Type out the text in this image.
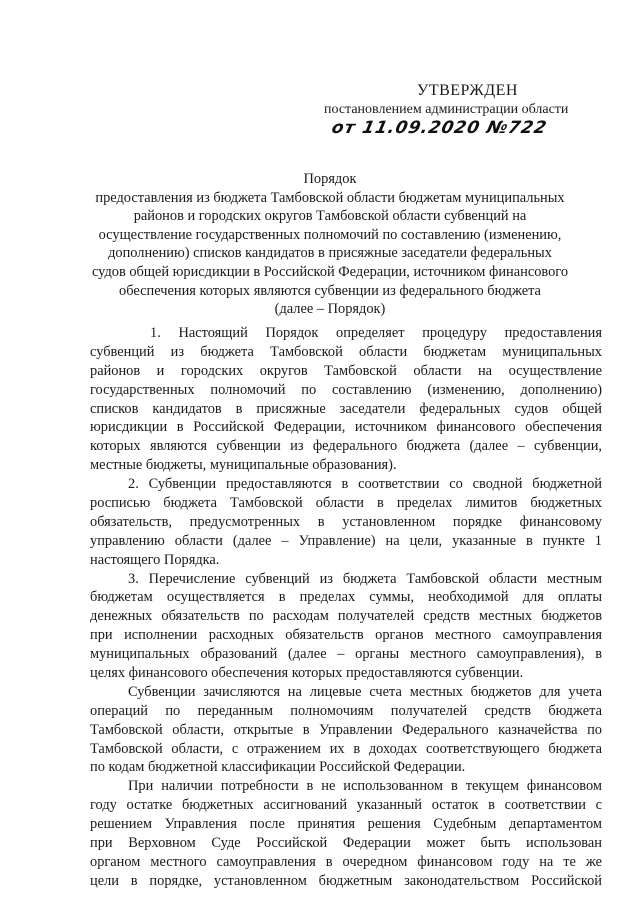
УТВЕРЖДЕН
постановлением администрации области
от 11.09.2020 №722
Порядок
предоставления из бюджета Тамбовской области бюджетам муниципальных
районов и городских округов Тамбовской области субвенций на
осуществление государственных полномочий по составлению (изменению,
дополнению) списков кандидатов в присяжные заседатели федеральных
судов общей юрисдикции в Российской Федерации, источником финансового
обеспечения которых являются субвенции из федерального бюджета
(далее – Порядок)
1. Настоящий Порядок определяет процедуру предоставления
субвенций из бюджета Тамбовской области бюджетам муниципальных
районов и городских округов Тамбовской области на осуществление
государственных полномочий по составлению (изменению, дополнению)
списков кандидатов в присяжные заседатели федеральных судов общей
юрисдикции в Российской Федерации, источником финансового обеспечения
которых являются субвенции из федерального бюджета (далее – субвенции,
местные бюджеты, муниципальные образования).
2. Субвенции предоставляются в соответствии со сводной бюджетной
росписью бюджета Тамбовской области в пределах лимитов бюджетных
обязательств, предусмотренных в установленном порядке финансовому
управлению области (далее – Управление) на цели, указанные в пункте 1
настоящего Порядка.
3. Перечисление субвенций из бюджета Тамбовской области местным
бюджетам осуществляется в пределах суммы, необходимой для оплаты
денежных обязательств по расходам получателей средств местных бюджетов
при исполнении расходных обязательств органов местного самоуправления
муниципальных образований (далее – органы местного самоуправления), в
целях финансового обеспечения которых предоставляются субвенции.
Субвенции зачисляются на лицевые счета местных бюджетов для учета
операций по переданным полномочиям получателей средств бюджета
Тамбовской области, открытые в Управлении Федерального казначейства по
Тамбовской области, с отражением их в доходах соответствующего бюджета
по кодам бюджетной классификации Российской Федерации.
При наличии потребности в не использованном в текущем финансовом
году остатке бюджетных ассигнований указанный остаток в соответствии с
решением Управления после принятия решения Судебным департаментом
при Верховном Суде Российской Федерации может быть использован
органом местного самоуправления в очередном финансовом году на те же
цели в порядке, установленном бюджетным законодательством Российской
